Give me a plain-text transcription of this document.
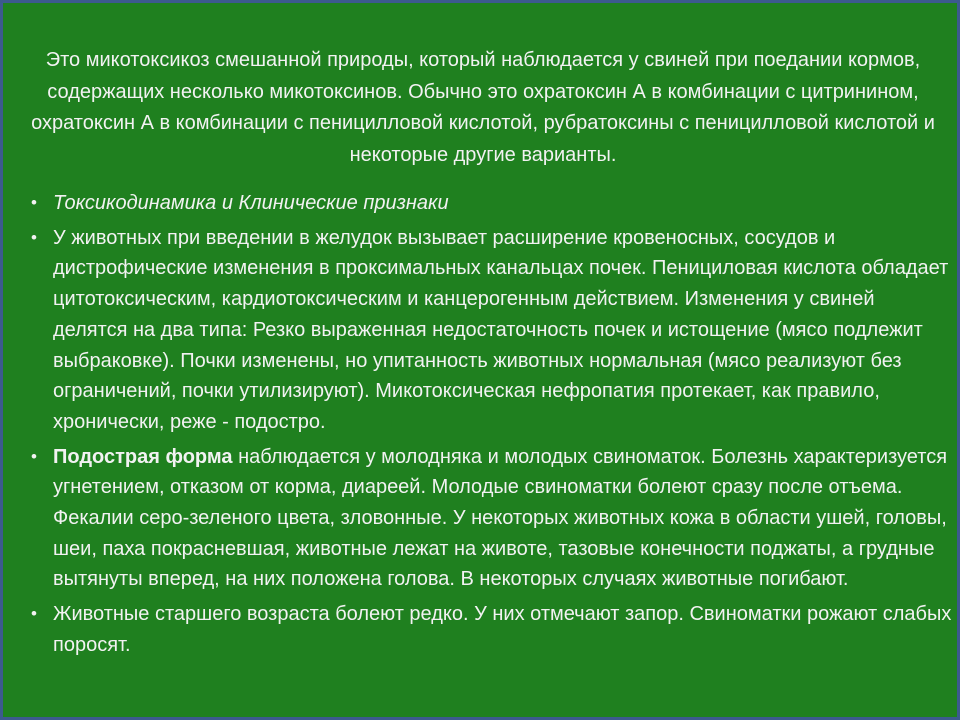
Это микотоксикоз смешанной природы, который наблюдается у свиней при поедании кормов, содержащих несколько микотоксинов. Обычно это охратоксин А в комбинации с цитринином, охратоксин А в комбинации с пеницилловой кислотой, рубратоксины с пеницилловой кислотой и некоторые другие варианты.

• Токсикодинамика и Клинические признаки
• У животных при введении в желудок вызывает расширение кровеносных, сосудов и дистрофические изменения в проксимальных канальцах почек. Пенициловая кислота обладает цитотоксическим, кардиотоксическим и канцерогенным действием. Изменения у свиней делятся на два типа: Резко выраженная недостаточность почек и истощение (мясо подлежит выбраковке). Почки изменены, но упитанность животных нормальная (мясо реализуют без ограничений, почки утилизируют). Микотоксическая нефропатия протекает, как правило, хронически, реже - подостро.
• Подострая форма наблюдается у молодняка и молодых свиноматок. Болезнь характеризуется угнетением, отказом от корма, диареей. Молодые свиноматки болеют сразу после отъема. Фекалии серо-зеленого цвета, зловонные. У некоторых животных кожа в области ушей, головы, шеи, паха покрасневшая, животные лежат на животе, тазовые конечности поджаты, а грудные вытянуты вперед, на них положена голова. В некоторых случаях животные погибают.
• Животные старшего возраста болеют редко. У них отмечают запор. Свиноматки рожают слабых поросят.
